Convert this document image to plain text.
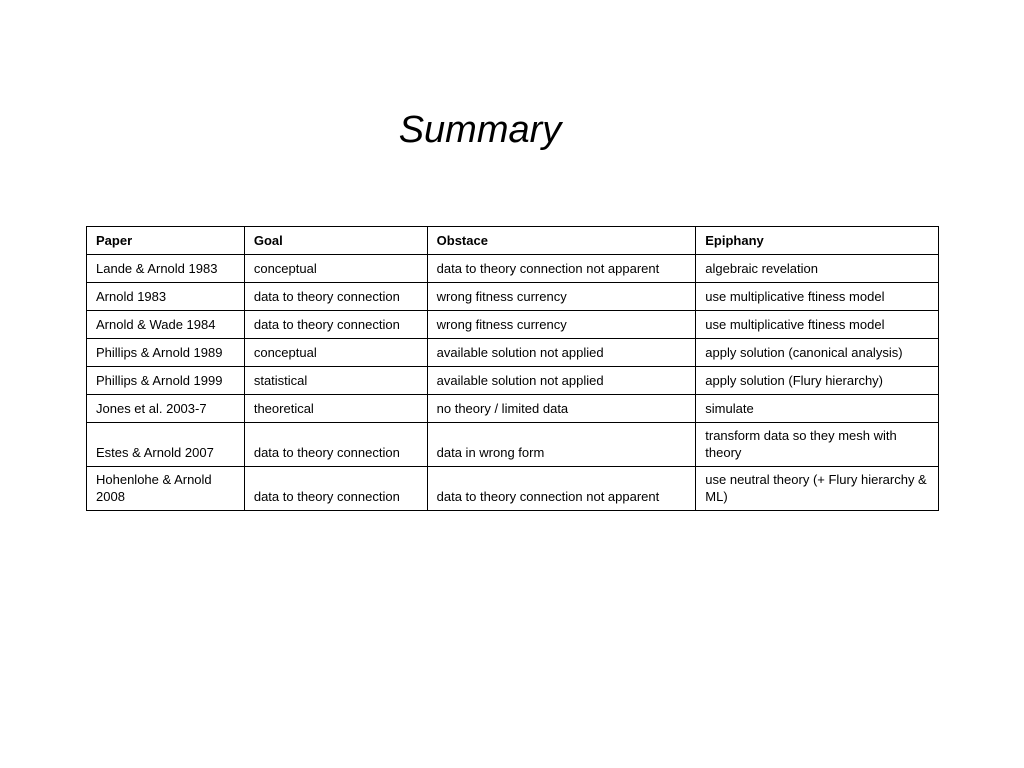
Summary
Paper	Goal	Obstace	Epiphany
Lande & Arnold 1983	conceptual	data to theory connection not apparent	algebraic revelation
Arnold 1983	data to theory connection	wrong fitness currency	use multiplicative ftiness model
Arnold & Wade 1984	data to theory connection	wrong fitness currency	use multiplicative ftiness model
Phillips & Arnold 1989	conceptual	available solution not applied	apply solution (canonical analysis)
Phillips & Arnold 1999	statistical	available solution not applied	apply solution (Flury hierarchy)
Jones et al. 2003-7	theoretical	no theory / limited data	simulate
Estes & Arnold 2007	data to theory connection	data in wrong form	transform data so they mesh with theory
Hohenlohe & Arnold 2008	data to theory connection	data to theory connection not apparent	use neutral theory (+ Flury hierarchy & ML)
